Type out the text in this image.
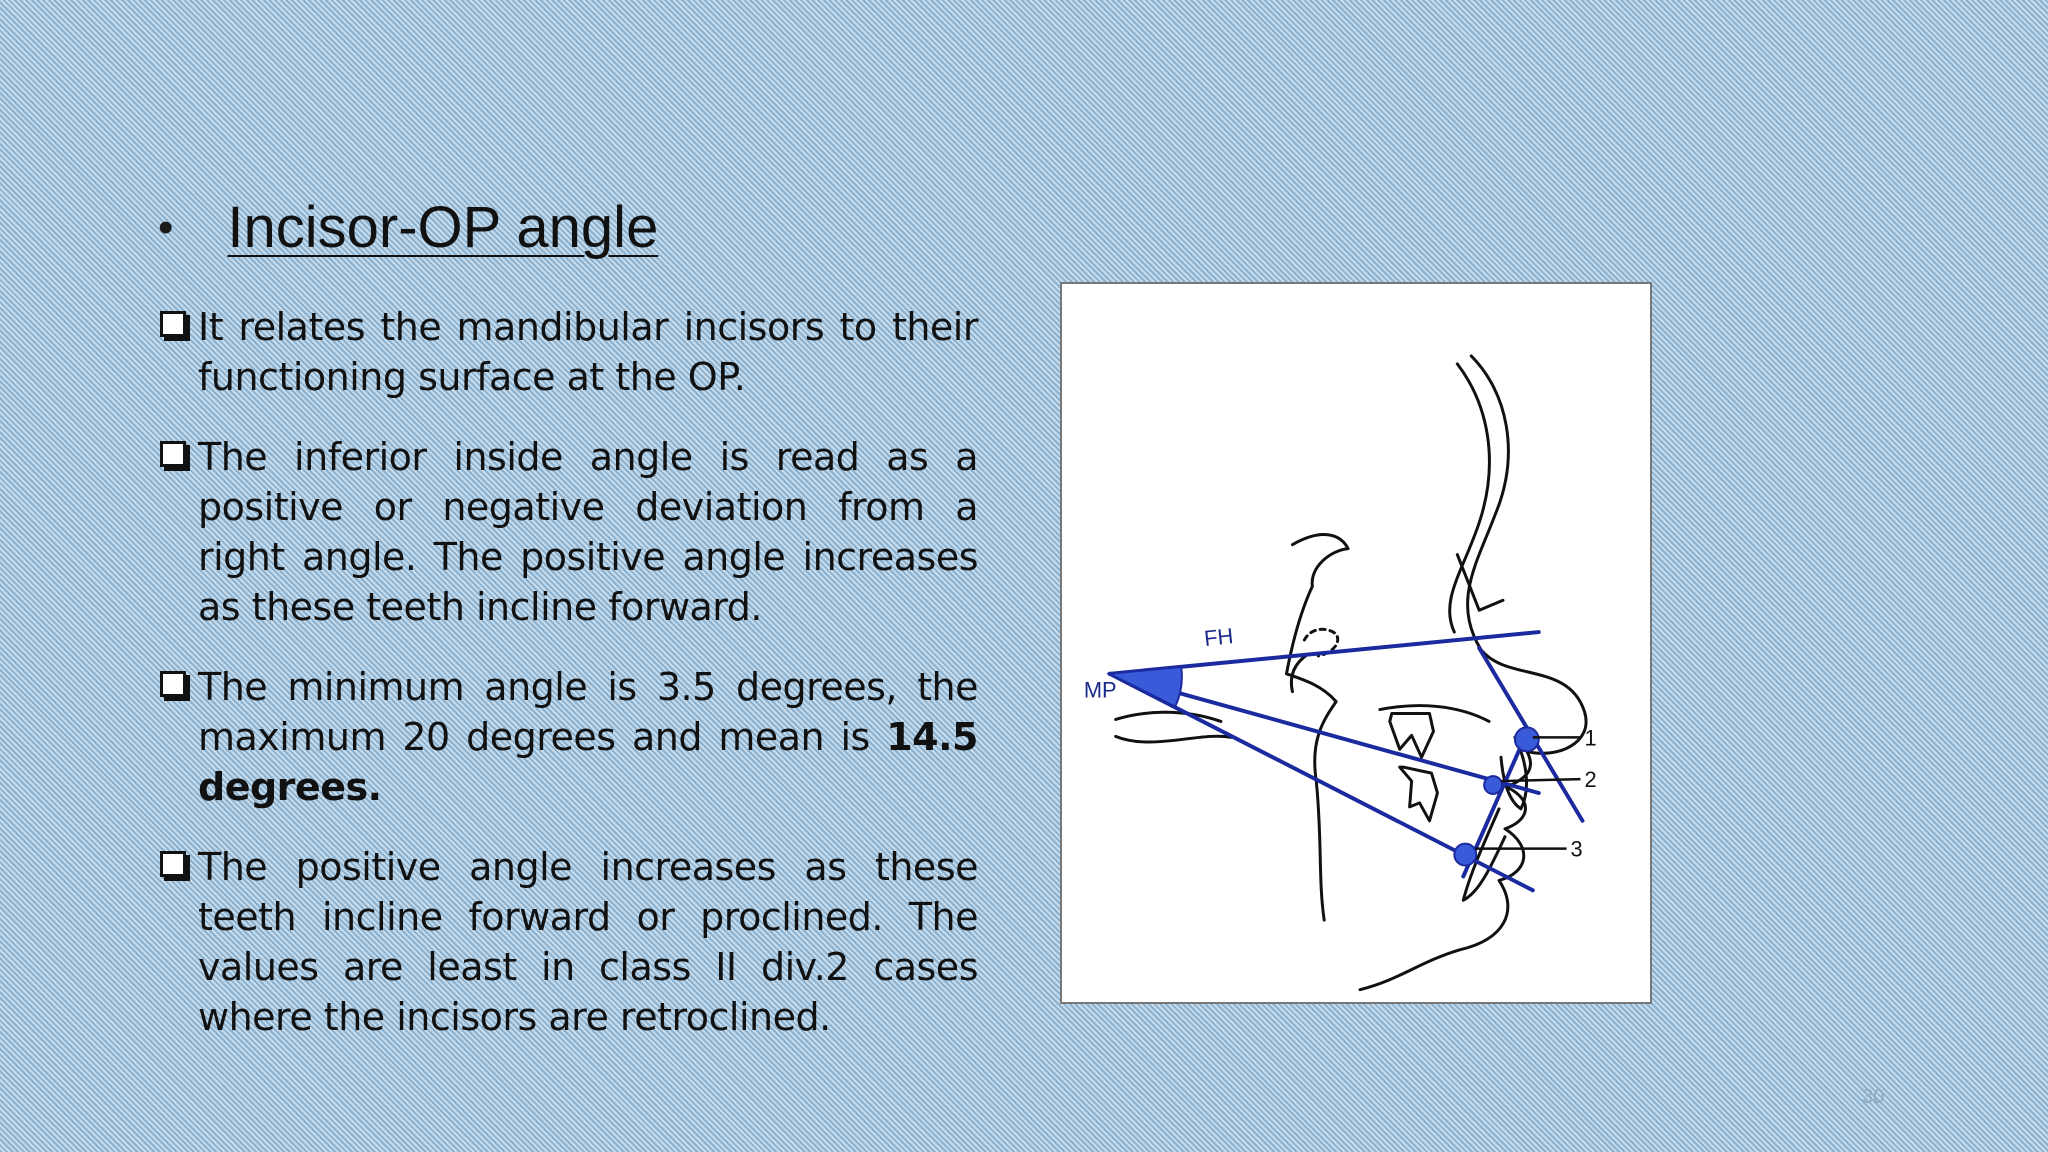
• Incisor-OP angle
It relates the mandibular incisors to their functioning surface at the OP.
The inferior inside angle is read as a positive or negative deviation from a right angle. The positive angle increases as these teeth incline forward.
The minimum angle is 3.5 degrees, the maximum 20 degrees and mean is 14.5 degrees.
The positive angle increases as these teeth incline forward or proclined. The values are least in class II div.2 cases where the incisors are retroclined.
FH
MP
1
2
3
30
